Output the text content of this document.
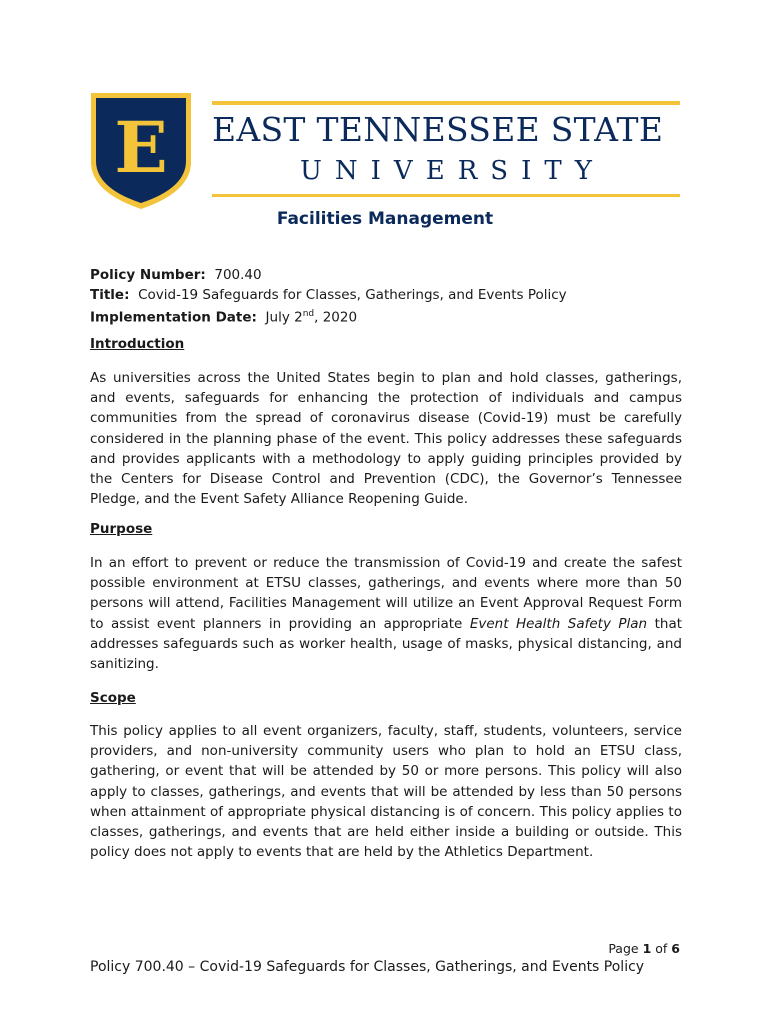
E EAST TENNESSEE STATE
UNIVERSITY
Facilities Management
Policy Number: 700.40
Title: Covid-19 Safeguards for Classes, Gatherings, and Events Policy
Implementation Date: July 2nd, 2020
Introduction
As universities across the United States begin to plan and hold classes, gatherings, and events, safeguards for enhancing the protection of individuals and campus communities from the spread of coronavirus disease (Covid-19) must be carefully considered in the planning phase of the event. This policy addresses these safeguards and provides applicants with a methodology to apply guiding principles provided by the Centers for Disease Control and Prevention (CDC), the Governor’s Tennessee Pledge, and the Event Safety Alliance Reopening Guide.
Purpose
In an effort to prevent or reduce the transmission of Covid-19 and create the safest possible environment at ETSU classes, gatherings, and events where more than 50 persons will attend, Facilities Management will utilize an Event Approval Request Form to assist event planners in providing an appropriate Event Health Safety Plan that addresses safeguards such as worker health, usage of masks, physical distancing, and sanitizing.
Scope
This policy applies to all event organizers, faculty, staff, students, volunteers, service providers, and non-university community users who plan to hold an ETSU class, gathering, or event that will be attended by 50 or more persons. This policy will also apply to classes, gatherings, and events that will be attended by less than 50 persons when attainment of appropriate physical distancing is of concern. This policy applies to classes, gatherings, and events that are held either inside a building or outside. This policy does not apply to events that are held by the Athletics Department.
Page 1 of 6
Policy 700.40 – Covid-19 Safeguards for Classes, Gatherings, and Events Policy
